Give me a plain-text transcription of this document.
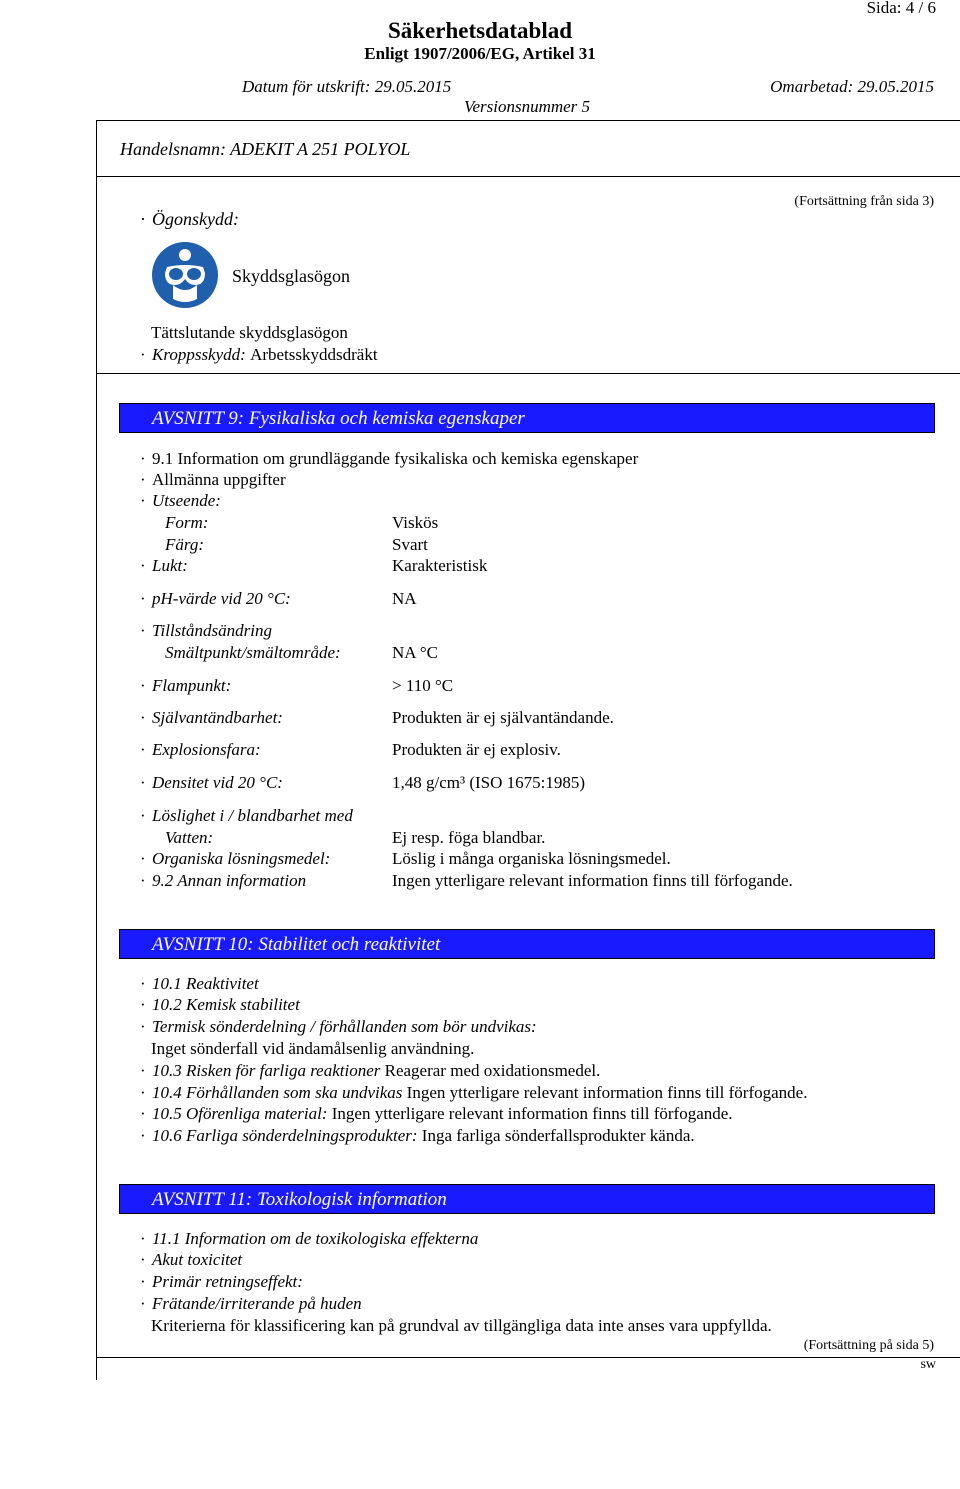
Säkerhetsdatablad
Enligt 1907/2006/EG, Artikel 31
Sida: 4 / 6
Datum för utskrift: 29.05.2015	Omarbetad: 29.05.2015
Versionsnummer 5
Handelsnamn: ADEKIT A 251 POLYOL
(Fortsättning från sida 3)
· Ögonskydd:
Skyddsglasögon
Tättslutande skyddsglasögon
· Kroppsskydd: Arbetsskyddsdräkt
AVSNITT 9: Fysikaliska och kemiska egenskaper
· 9.1 Information om grundläggande fysikaliska och kemiska egenskaper
· Allmänna uppgifter
· Utseende:
Form:	Viskös
Färg:	Svart
· Lukt:	Karakteristisk
· pH-värde vid 20 °C:	NA
· Tillståndsändring
Smältpunkt/smältområde:	NA °C
· Flampunkt:	> 110 °C
· Självantändbarhet:	Produkten är ej självantändande.
· Explosionsfara:	Produkten är ej explosiv.
· Densitet vid 20 °C:	1,48 g/cm³ (ISO 1675:1985)
· Löslighet i / blandbarhet med
Vatten:	Ej resp. föga blandbar.
· Organiska lösningsmedel:	Löslig i många organiska lösningsmedel.
· 9.2 Annan information	Ingen ytterligare relevant information finns till förfogande.
AVSNITT 10: Stabilitet och reaktivitet
· 10.1 Reaktivitet
· 10.2 Kemisk stabilitet
· Termisk sönderdelning / förhållanden som bör undvikas:
Inget sönderfall vid ändamålsenlig användning.
· 10.3 Risken för farliga reaktioner Reagerar med oxidationsmedel.
· 10.4 Förhållanden som ska undvikas Ingen ytterligare relevant information finns till förfogande.
· 10.5 Oförenliga material: Ingen ytterligare relevant information finns till förfogande.
· 10.6 Farliga sönderdelningsprodukter: Inga farliga sönderfallsprodukter kända.
AVSNITT 11: Toxikologisk information
· 11.1 Information om de toxikologiska effekterna
· Akut toxicitet
· Primär retningseffekt:
· Frätande/irriterande på huden
Kriterierna för klassificering kan på grundval av tillgängliga data inte anses vara uppfyllda.
(Fortsättning på sida 5)
sw
